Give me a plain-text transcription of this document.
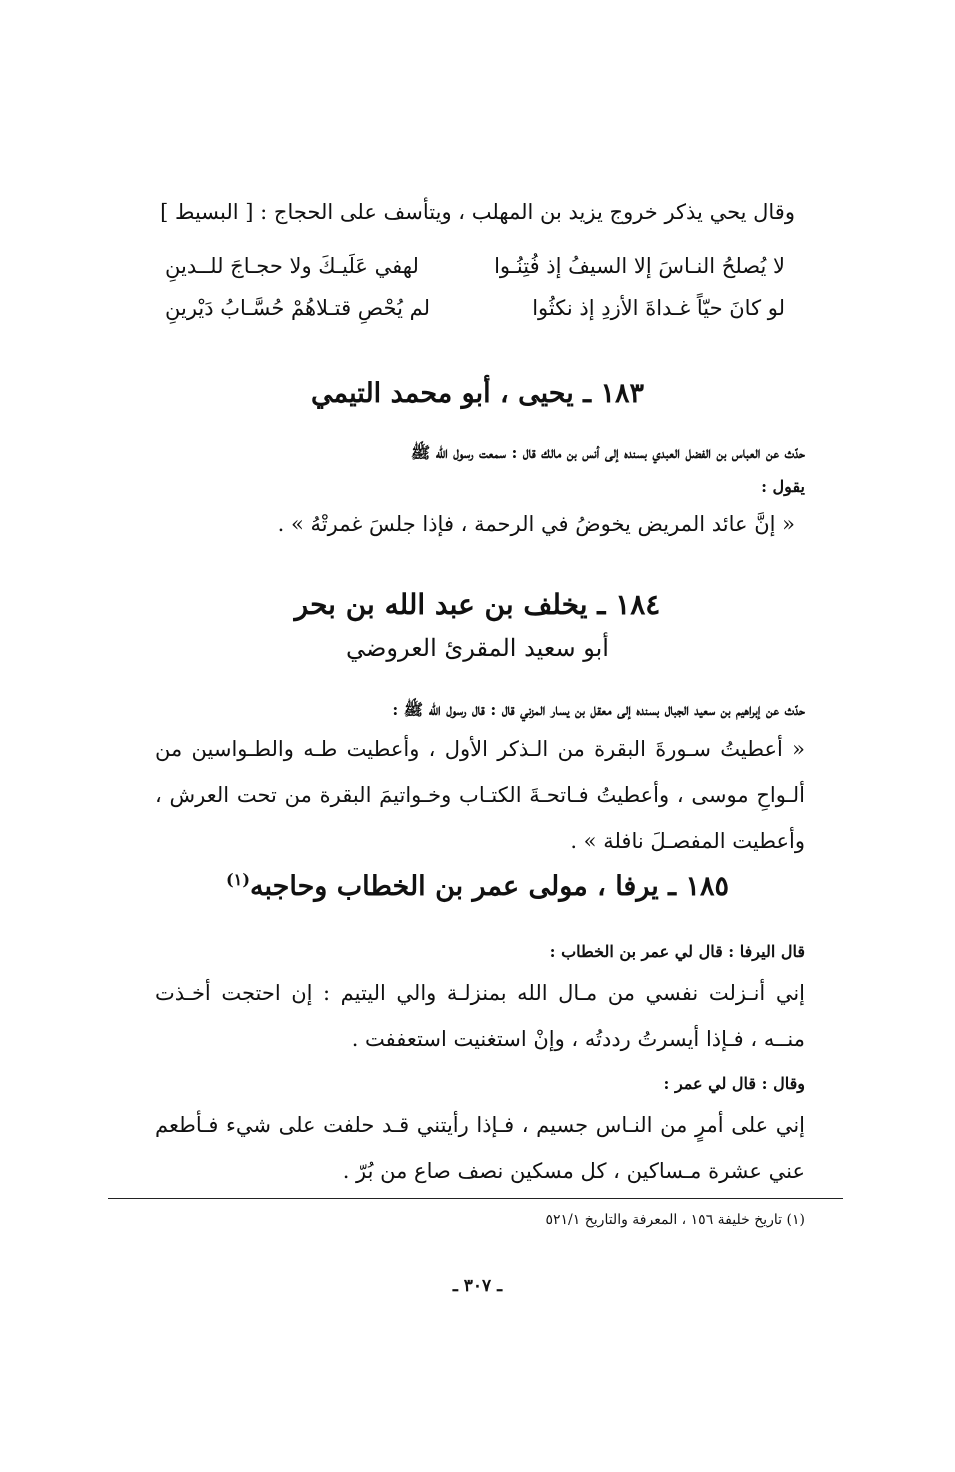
وقال يحي يذكر خروج يزيد بن المهلب ، ويتأسف على الحجاج : [ البسيط ]
لا يُصلحُ النـاسَ إلا السيفُ إذ فُتِنُـوا
لهفي عَلَيـكَ ولا حجـاجَ للــدينِ
لو كانَ حيّاً غـداةَ الأزدِ إذ نكثُوا
لم يُحْصِ قتـلاهُمْ حُسَّـابُ دَيْرينِ
١٨٣ ـ يحيى ، أبو محمد التيمي
حدّث عن العباس بن الفضل العبدي بسنده إلى أنس بن مالك قال : سمعت رسول الله ﷺ
يقول :
« إنَّ عائد المريض يخوضُ في الرحمة ، فإذا جلسَ غمرتْهُ » .
١٨٤ ـ يخلف بن عبد الله بن بحر
أبو سعيد المقرئ العروضي
حدّث عن إبراهيم بن سعيد الجبال بسنده إلى معقل بن يسار المزني قال : قال رسول الله ﷺ :
« أعطيتُ سـورةَ البقرة من الـذكر الأول ، وأعطيت طـه والطـواسين من ألـواحِ موسى ، وأعطيتُ فـاتحـةَ الكتـاب وخـواتيمَ البقرة من تحت العرش ، وأعطيت المفصـلَ نافلة » .
١٨٥ ـ يرفا ، مولى عمر بن الخطاب وحاجبه$^{(١)}$
قال اليرفا : قال لي عمر بن الخطاب :
إني أنـزلت نفسي من مـال الله بمنزلـة والي اليتيم : إن احتجت أخـذت منــه ، فـإذا أيسرتُ رددتُه ، وإنْ استغنيت استعففت .
وقال : قال لي عمر :
إني على أمرٍ من النـاس جسيم ، فـإذا رأيتني قـد حلفت على شيء فـأطعم عني عشرة مـساكين ، كل مسكين نصف صاع من بُرّ .
(١) تاريخ خليفة ١٥٦ ، المعرفة والتاريخ ٥٢١/١
ـ ٣٠٧ ـ
